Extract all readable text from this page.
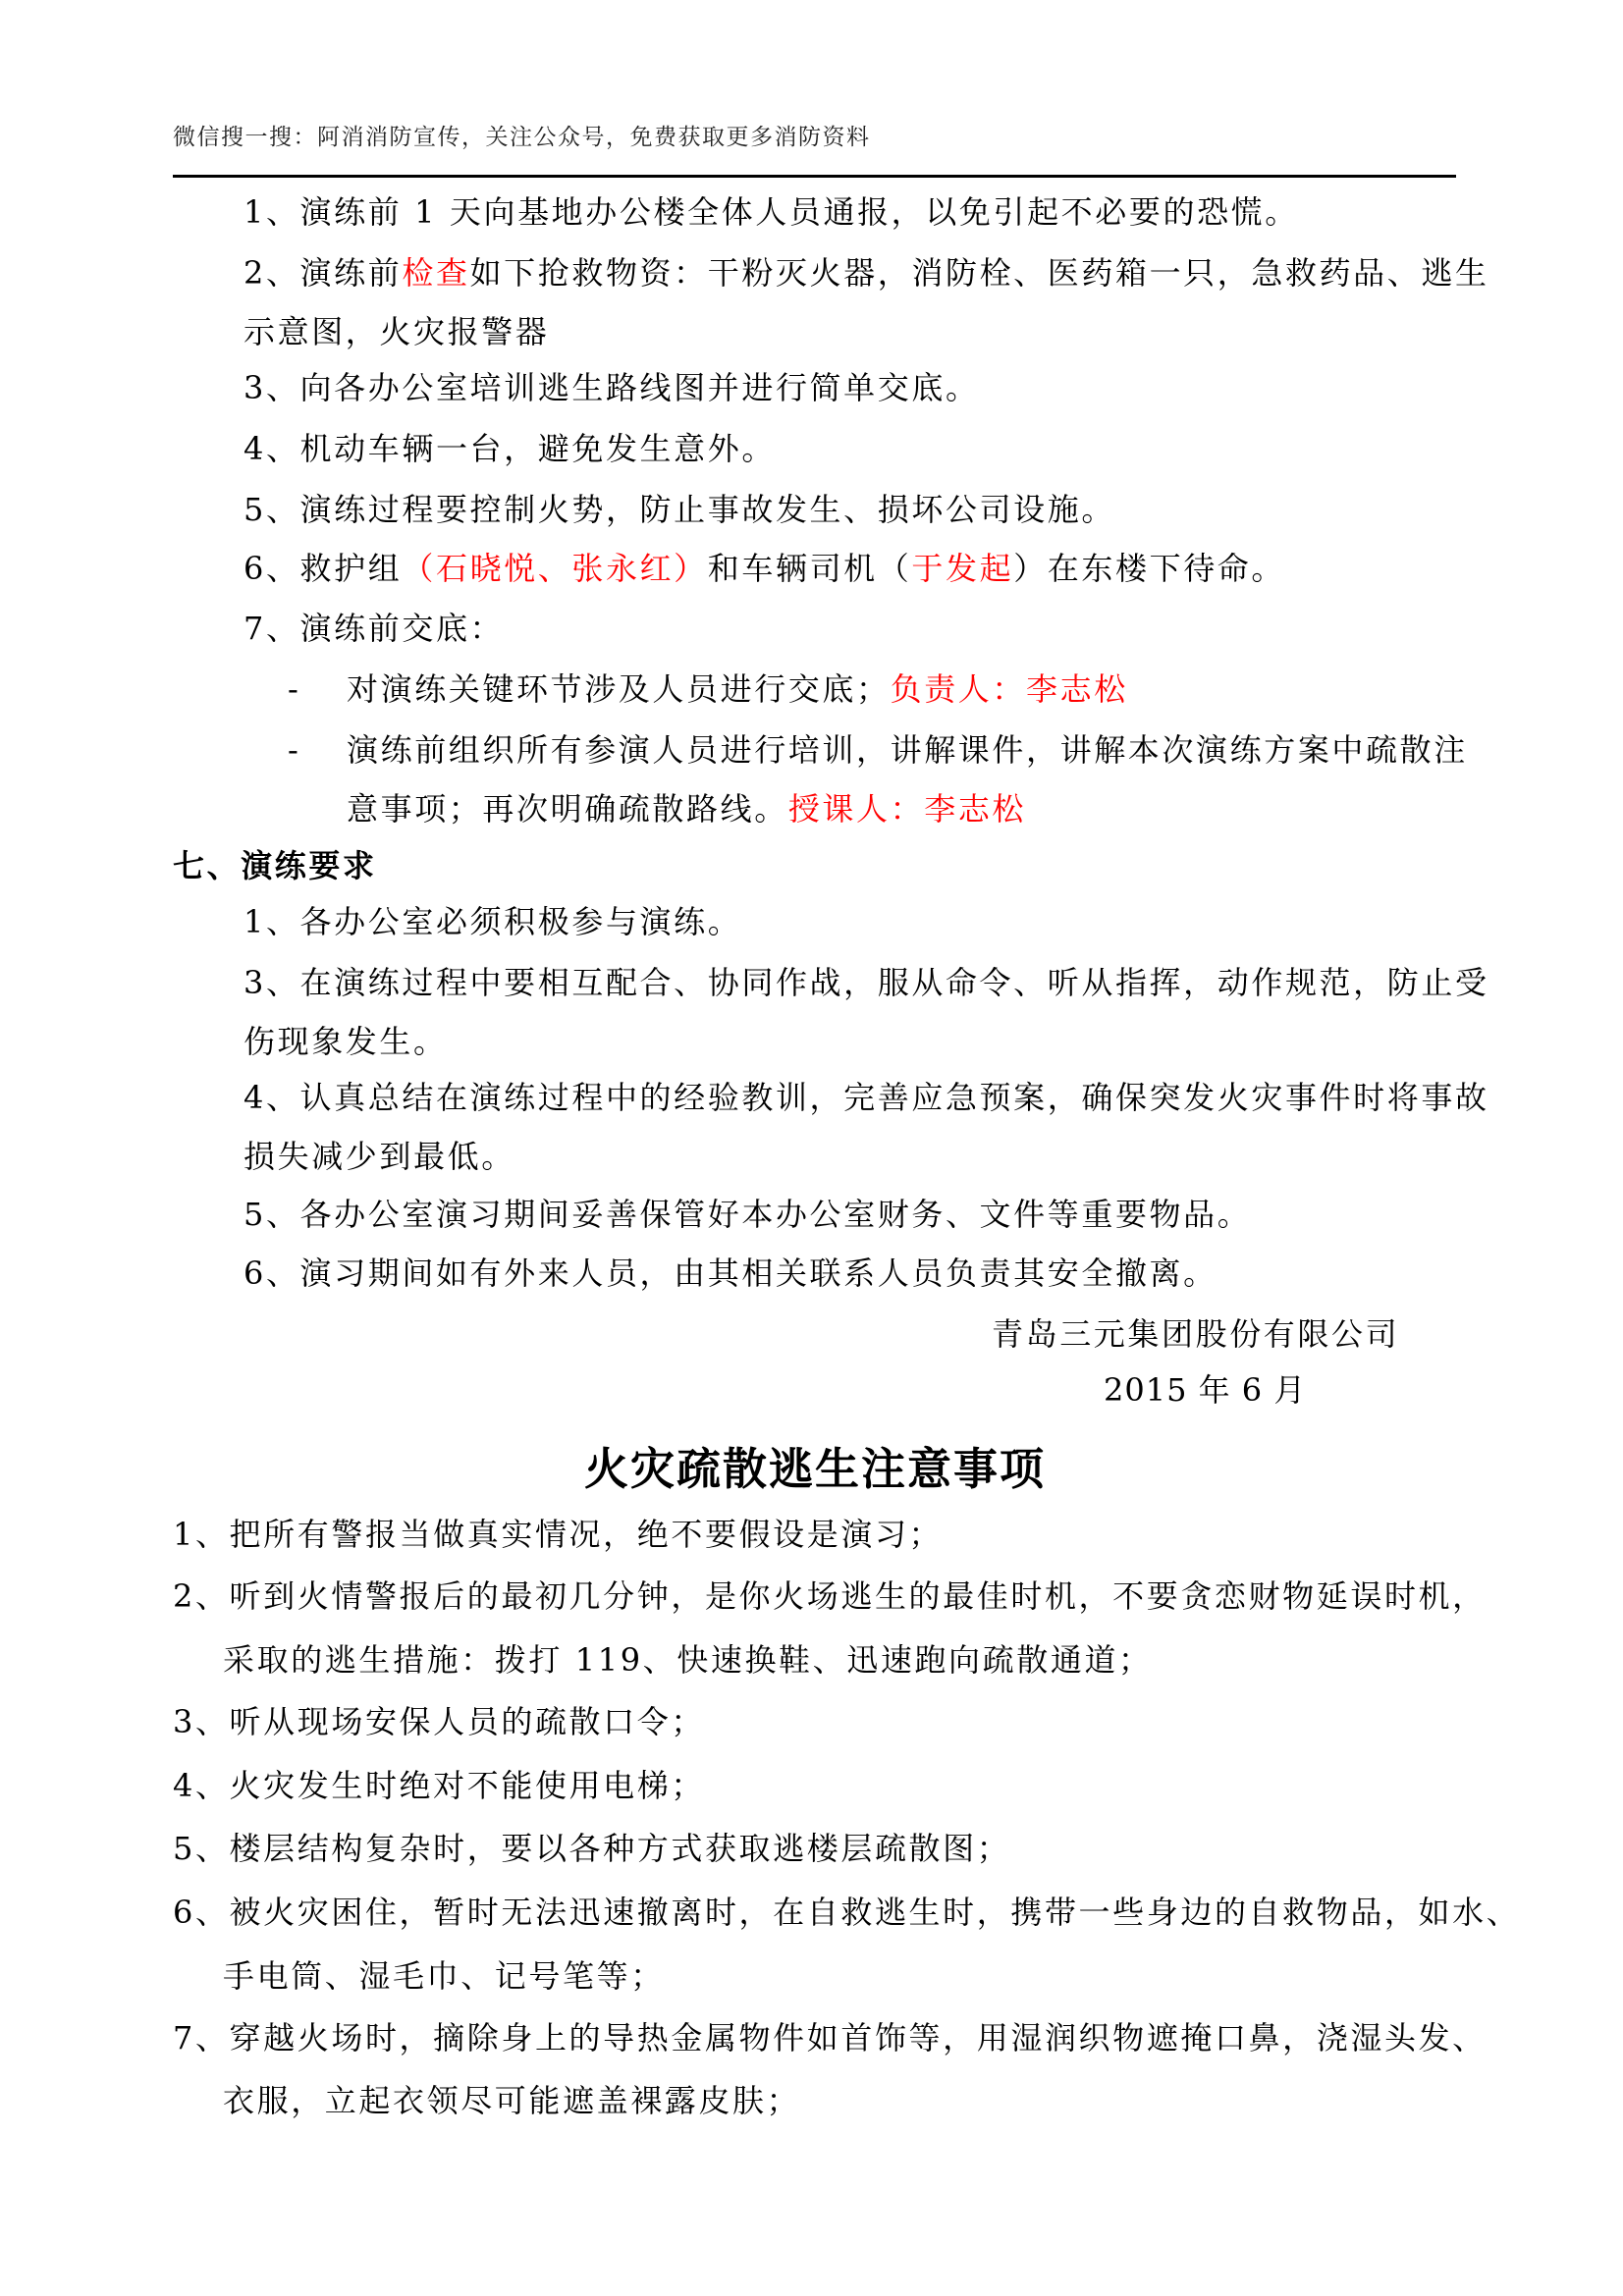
微信搜一搜：阿消消防宣传，关注公众号，免费获取更多消防资料
1、演练前 1 天向基地办公楼全体人员通报，以免引起不必要的恐慌。
2、演练前检查如下抢救物资：干粉灭火器，消防栓、医药箱一只，急救药品、逃生
示意图，火灾报警器
3、向各办公室培训逃生路线图并进行简单交底。
4、机动车辆一台，避免发生意外。
5、演练过程要控制火势，防止事故发生、损坏公司设施。
6、救护组（石晓悦、张永红）和车辆司机（于发起）在东楼下待命。
7、演练前交底：
- 对演练关键环节涉及人员进行交底；负责人：李志松
- 演练前组织所有参演人员进行培训，讲解课件，讲解本次演练方案中疏散注
意事项；再次明确疏散路线。授课人：李志松
七、演练要求
1、各办公室必须积极参与演练。
3、在演练过程中要相互配合、协同作战，服从命令、听从指挥，动作规范，防止受
伤现象发生。
4、认真总结在演练过程中的经验教训，完善应急预案，确保突发火灾事件时将事故
损失减少到最低。
5、各办公室演习期间妥善保管好本办公室财务、文件等重要物品。
6、演习期间如有外来人员，由其相关联系人员负责其安全撤离。
青岛三元集团股份有限公司
2015 年 6 月
火灾疏散逃生注意事项
1、把所有警报当做真实情况，绝不要假设是演习；
2、听到火情警报后的最初几分钟，是你火场逃生的最佳时机，不要贪恋财物延误时机，
采取的逃生措施：拨打 119、快速换鞋、迅速跑向疏散通道；
3、听从现场安保人员的疏散口令；
4、火灾发生时绝对不能使用电梯；
5、楼层结构复杂时，要以各种方式获取逃楼层疏散图；
6、被火灾困住，暂时无法迅速撤离时，在自救逃生时，携带一些身边的自救物品，如水、
手电筒、湿毛巾、记号笔等；
7、穿越火场时，摘除身上的导热金属物件如首饰等，用湿润织物遮掩口鼻，浇湿头发、
衣服，立起衣领尽可能遮盖裸露皮肤；
